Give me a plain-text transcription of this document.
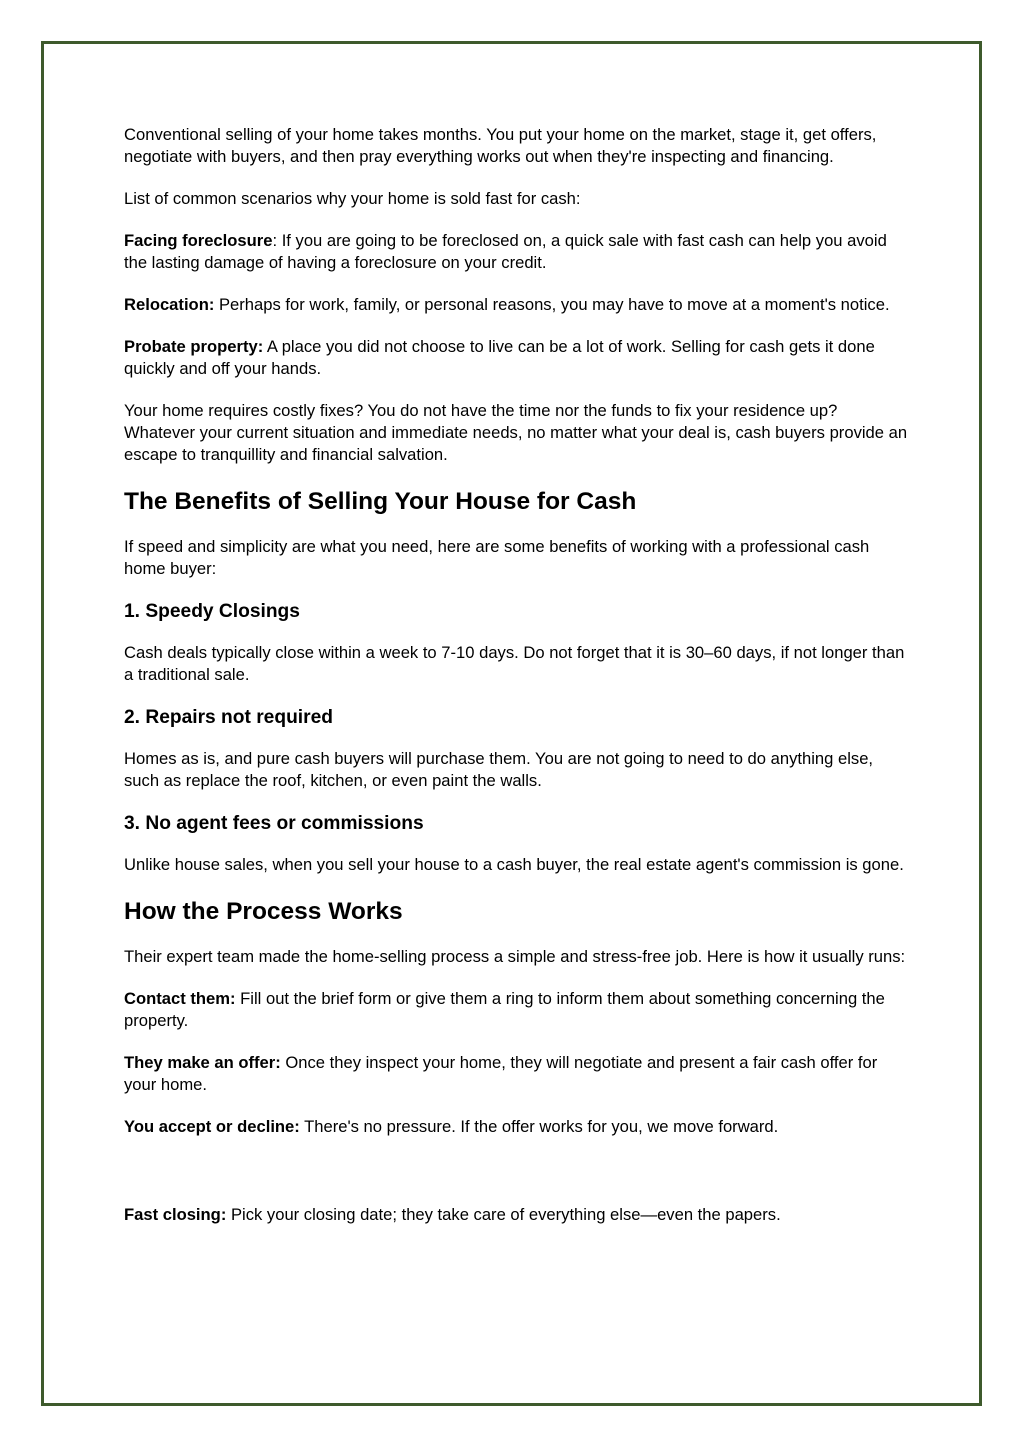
Conventional selling of your home takes months. You put your home on the market, stage it, get offers, negotiate with buyers, and then pray everything works out when they're inspecting and financing.

List of common scenarios why your home is sold fast for cash:

Facing foreclosure: If you are going to be foreclosed on, a quick sale with fast cash can help you avoid the lasting damage of having a foreclosure on your credit.

Relocation: Perhaps for work, family, or personal reasons, you may have to move at a moment's notice.

Probate property: A place you did not choose to live can be a lot of work. Selling for cash gets it done quickly and off your hands.

Your home requires costly fixes? You do not have the time nor the funds to fix your residence up? Whatever your current situation and immediate needs, no matter what your deal is, cash buyers provide an escape to tranquillity and financial salvation.

The Benefits of Selling Your House for Cash

If speed and simplicity are what you need, here are some benefits of working with a professional cash home buyer:

1. Speedy Closings

Cash deals typically close within a week to 7-10 days. Do not forget that it is 30–60 days, if not longer than a traditional sale.

2. Repairs not required

Homes as is, and pure cash buyers will purchase them. You are not going to need to do anything else, such as replace the roof, kitchen, or even paint the walls.

3. No agent fees or commissions

Unlike house sales, when you sell your house to a cash buyer, the real estate agent's commission is gone.

How the Process Works

Their expert team made the home-selling process a simple and stress-free job. Here is how it usually runs:

Contact them: Fill out the brief form or give them a ring to inform them about something concerning the property.

They make an offer: Once they inspect your home, they will negotiate and present a fair cash offer for your home.

You accept or decline: There's no pressure. If the offer works for you, we move forward.

Fast closing: Pick your closing date; they take care of everything else—even the papers.
